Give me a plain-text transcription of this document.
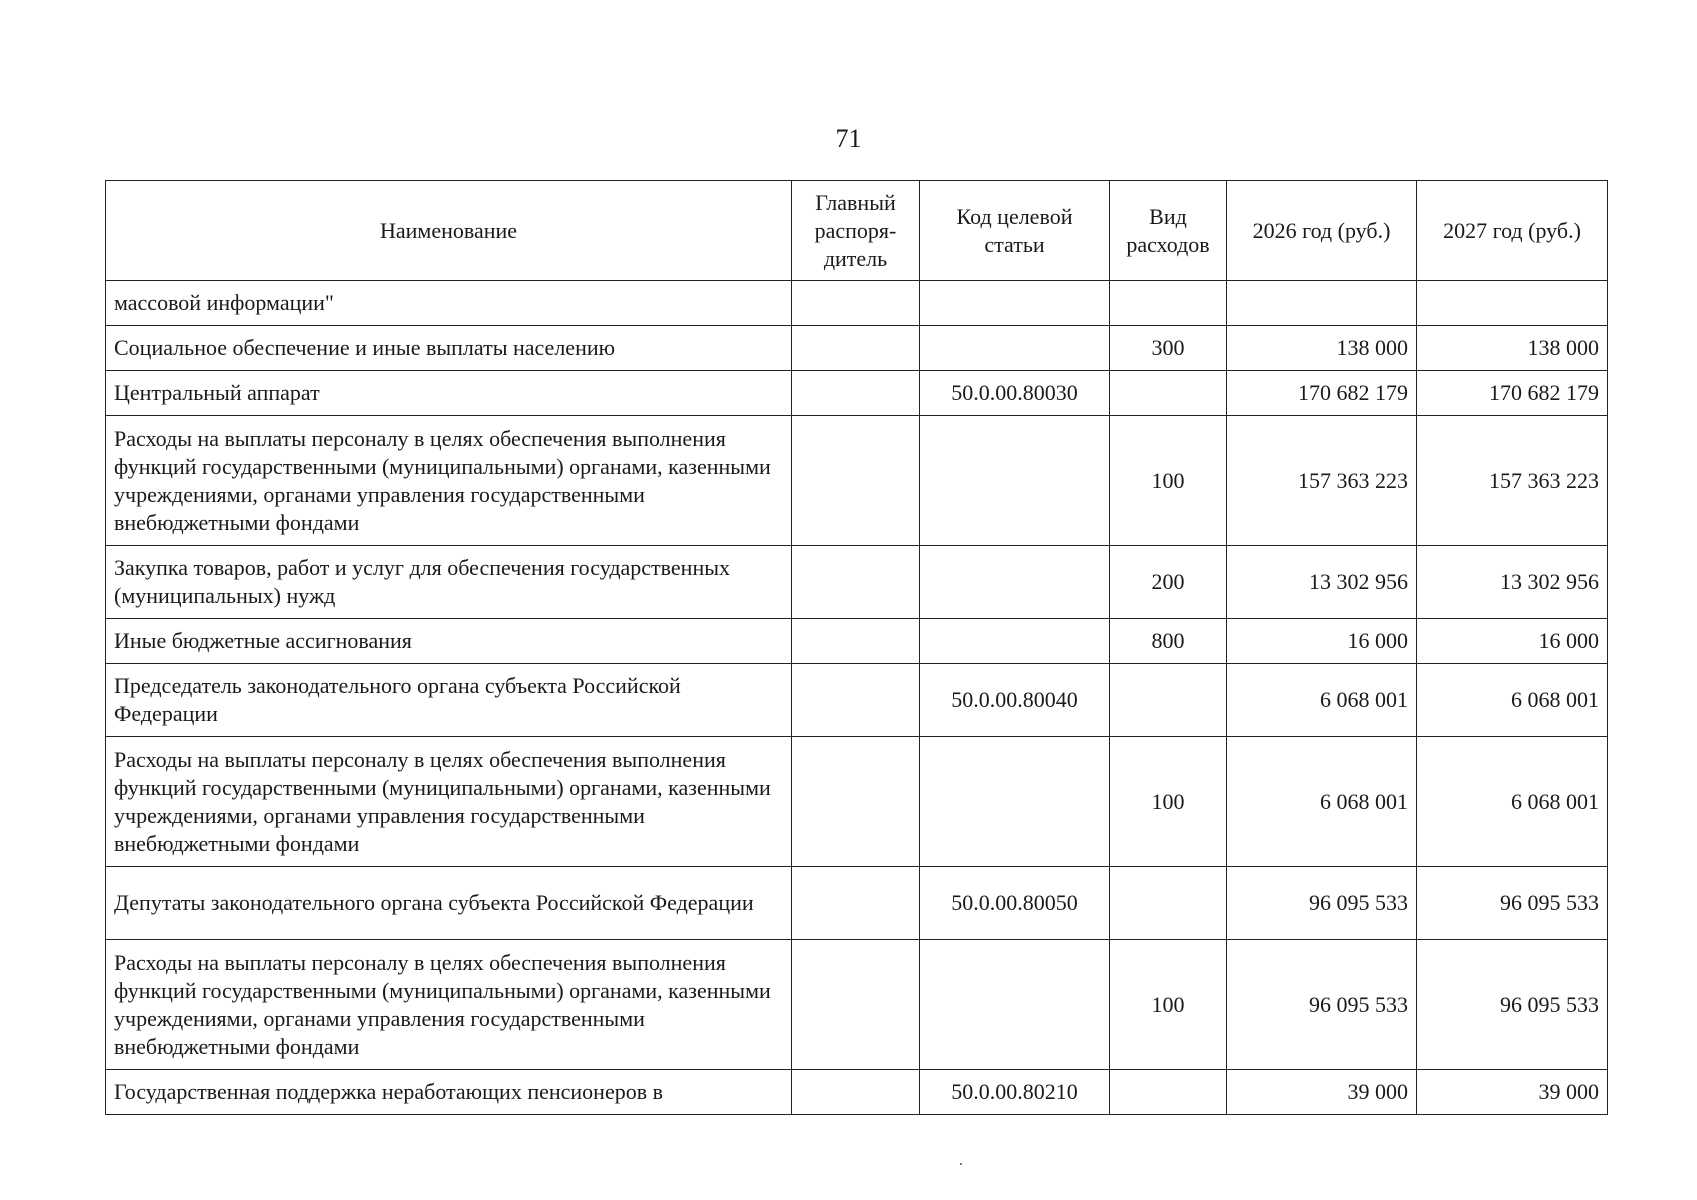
71
Наименование	Главный распоря-дитель	Код целевой статьи	Вид расходов	2026 год (руб.)	2027 год (руб.)
массовой информации"					
Социальное обеспечение и иные выплаты населению			300	138 000	138 000
Центральный аппарат		50.0.00.80030		170 682 179	170 682 179
Расходы на выплаты персоналу в целях обеспечения выполнения функций государственными (муниципальными) органами, казенными учреждениями, органами управления государственными внебюджетными фондами			100	157 363 223	157 363 223
Закупка товаров, работ и услуг для обеспечения государственных (муниципальных) нужд			200	13 302 956	13 302 956
Иные бюджетные ассигнования			800	16 000	16 000
Председатель законодательного органа субъекта Российской Федерации		50.0.00.80040		6 068 001	6 068 001
Расходы на выплаты персоналу в целях обеспечения выполнения функций государственными (муниципальными) органами, казенными учреждениями, органами управления государственными внебюджетными фондами			100	6 068 001	6 068 001
Депутаты законодательного органа субъекта Российской Федерации		50.0.00.80050		96 095 533	96 095 533
Расходы на выплаты персоналу в целях обеспечения выполнения функций государственными (муниципальными) органами, казенными учреждениями, органами управления государственными внебюджетными фондами			100	96 095 533	96 095 533
Государственная поддержка неработающих пенсионеров в		50.0.00.80210		39 000	39 000
